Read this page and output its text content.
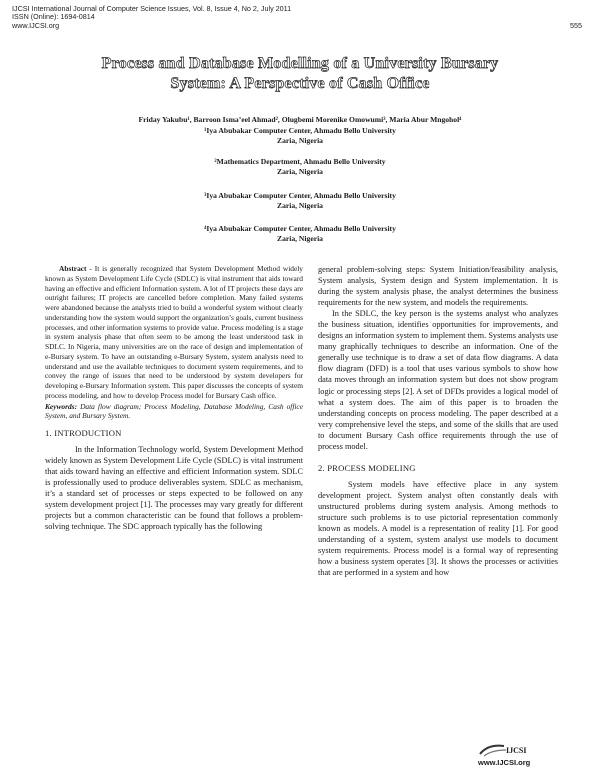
IJCSI International Journal of Computer Science Issues, Vol. 8, Issue 4, No 2, July 2011
ISSN (Online): 1694-0814
www.IJCSI.org	555
Process and Database Modelling of a University Bursary
System: A Perspective of Cash Office
Friday Yakubu¹, Barroon Isma’eel Ahmad², Olugbemi Morenike Omowumi³, Maria Abur Mngohol⁴
¹Iya Abubakar Computer Center, Ahmadu Bello University
Zaria, Nigeria
²Mathematics Department, Ahmadu Bello University
Zaria, Nigeria
³Iya Abubakar Computer Center, Ahmadu Bello University
Zaria, Nigeria
⁴Iya Abubakar Computer Center, Ahmadu Bello University
Zaria, Nigeria

Abstract - It is generally recognized that System Development Method widely known as System Development Life Cycle (SDLC) is vital instrument that aids toward having an effective and efficient Information system. A lot of IT projects these days are outright failures; IT projects are cancelled before completion. Many failed systems were abandoned because the analysts tried to build a wonderful system without clearly understanding how the system would support the organization’s goals, current business processes, and other information systems to provide value. Process modeling is a stage in system analysis phase that often seem to be among the least understood task in SDLC. In Nigeria, many universities are on the race of design and implementation of e-Bursary system. To have an outstanding e-Bursary System, system analysts need to understand and use the available techniques to document system requirements, and to convey the range of issues that need to be understood by system developers for developing e-Bursary Information system. This paper discusses the concepts of system process modeling, and how to develop Process model for Bursary Cash office.

Keywords: Data flow diagram; Process Modeling, Database Modeling, Cash office System, and Bursary System.

1. INTRODUCTION

In the Information Technology world, System Development Method widely known as System Development Life Cycle (SDLC) is vital instrument that aids toward having an effective and efficient Information system. SDLC is professionally used to produce deliverables system. SDLC as mechanism, it’s a standard set of processes or steps expected to be followed on any system development project [1]. The processes may vary greatly for different projects but a common characteristic can be found that follows a problem-solving technique. The SDC approach typically has the following

general problem-solving steps: System Initiation/feasibility analysis, System analysis, System design and System implementation. It is during the system analysis phase, the analyst determines the business requirements for the new system, and models the requirements.

In the SDLC, the key person is the systems analyst who analyzes the business situation, identifies opportunities for improvements, and designs an information system to implement them. Systems analysts use many graphically techniques to describe an information. One of the generally use technique is to draw a set of data flow diagrams. A data flow diagram (DFD) is a tool that uses various symbols to show how data moves through an information system but does not show program logic or processing steps [2]. A set of DFDs provides a logical model of what a system does. The aim of this paper is to broaden the understanding concepts on process modeling. The paper described at a very comprehensive level the steps, and some of the skills that are used to document Bursary Cash office requirements through the use of process model.

2. PROCESS MODELING

System models have effective place in any system development project. System analyst often constantly deals with unstructured problems during system analysis. Among methods to structure such problems is to use pictorial representation commonly known as models. A model is a representation of reality [1]. For good understanding of a system, system analyst use models to document system requirements. Process model is a formal way of representing how a business system operates [3]. It shows the processes or activities that are performed in a system and how

IJCSI
www.IJCSI.org
